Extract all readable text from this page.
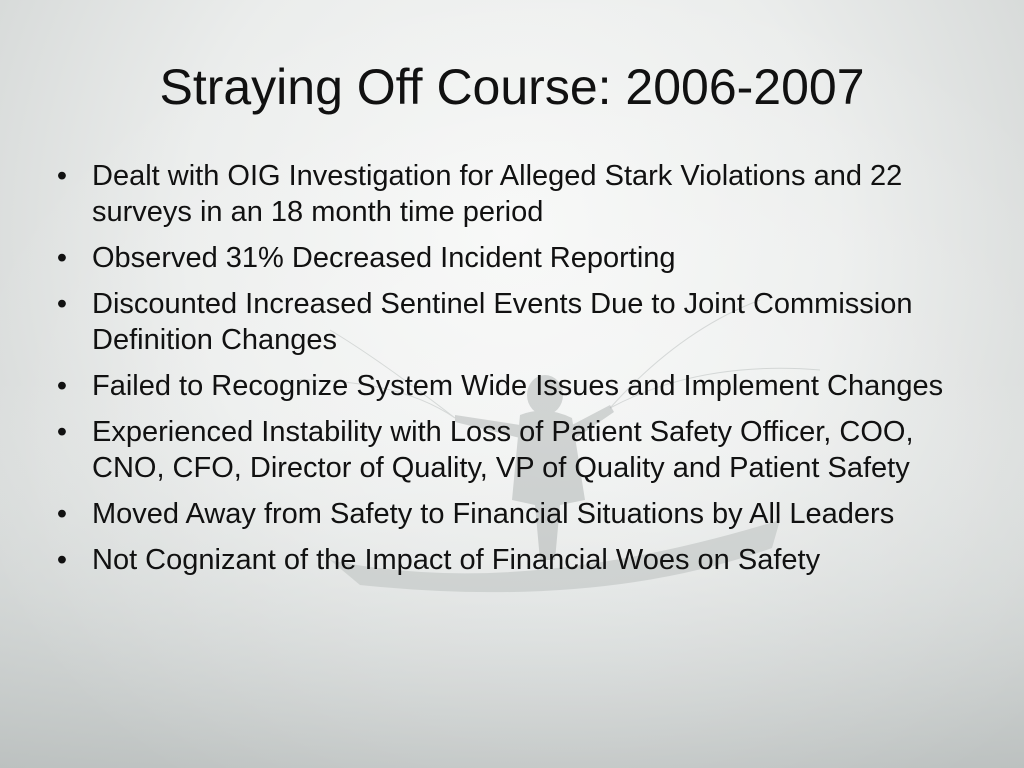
Straying Off Course: 2006-2007
• Dealt with OIG Investigation for Alleged Stark Violations and 22 surveys in an 18 month time period
• Observed 31% Decreased Incident Reporting
• Discounted Increased Sentinel Events Due to Joint Commission Definition Changes
• Failed to Recognize System Wide Issues and Implement Changes
• Experienced Instability with Loss of Patient Safety Officer, COO, CNO, CFO, Director of Quality, VP of Quality and Patient Safety
• Moved Away from Safety to Financial Situations by All Leaders
• Not Cognizant of the Impact of Financial Woes on Safety
